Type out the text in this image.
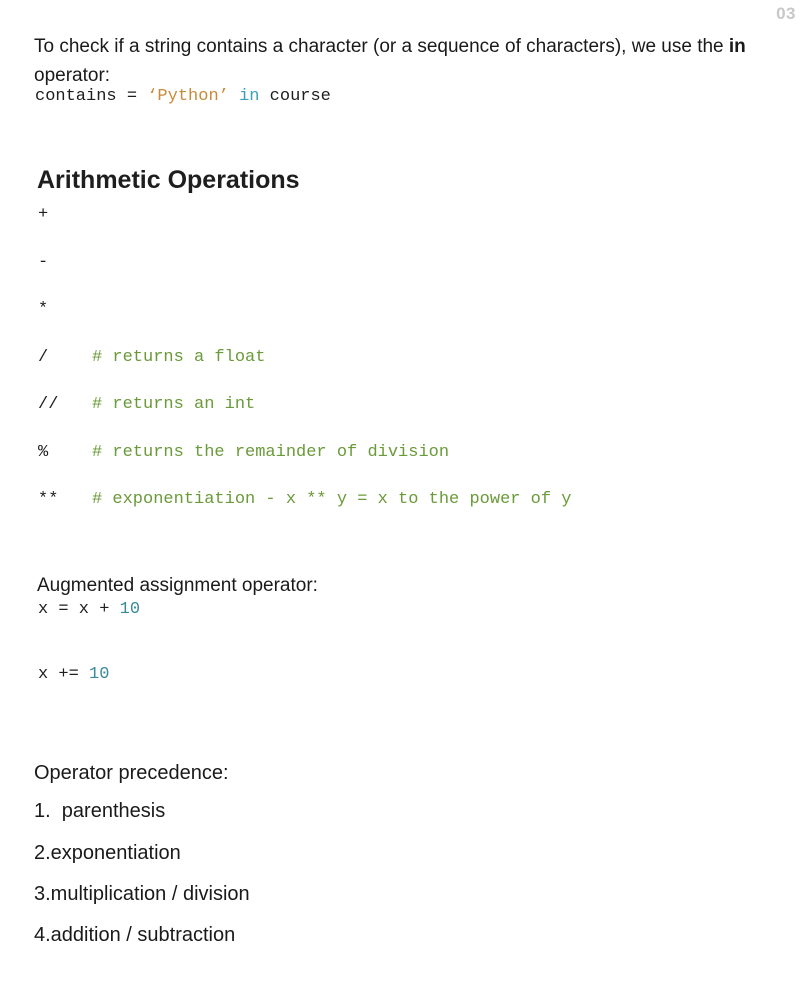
03
To check if a string contains a character (or a sequence of characters), we use the in
operator:
contains = ‘Python’ in course
Arithmetic Operations
+
-
*
/	# returns a float
// # returns an int
%	# returns the remainder of division
** # exponentiation - x ** y = x to the power of y
Augmented assignment operator:
x = x + 10
x += 10
Operator precedence:
1.  parenthesis
2.exponentiation
3.multiplication / division
4.addition / subtraction
